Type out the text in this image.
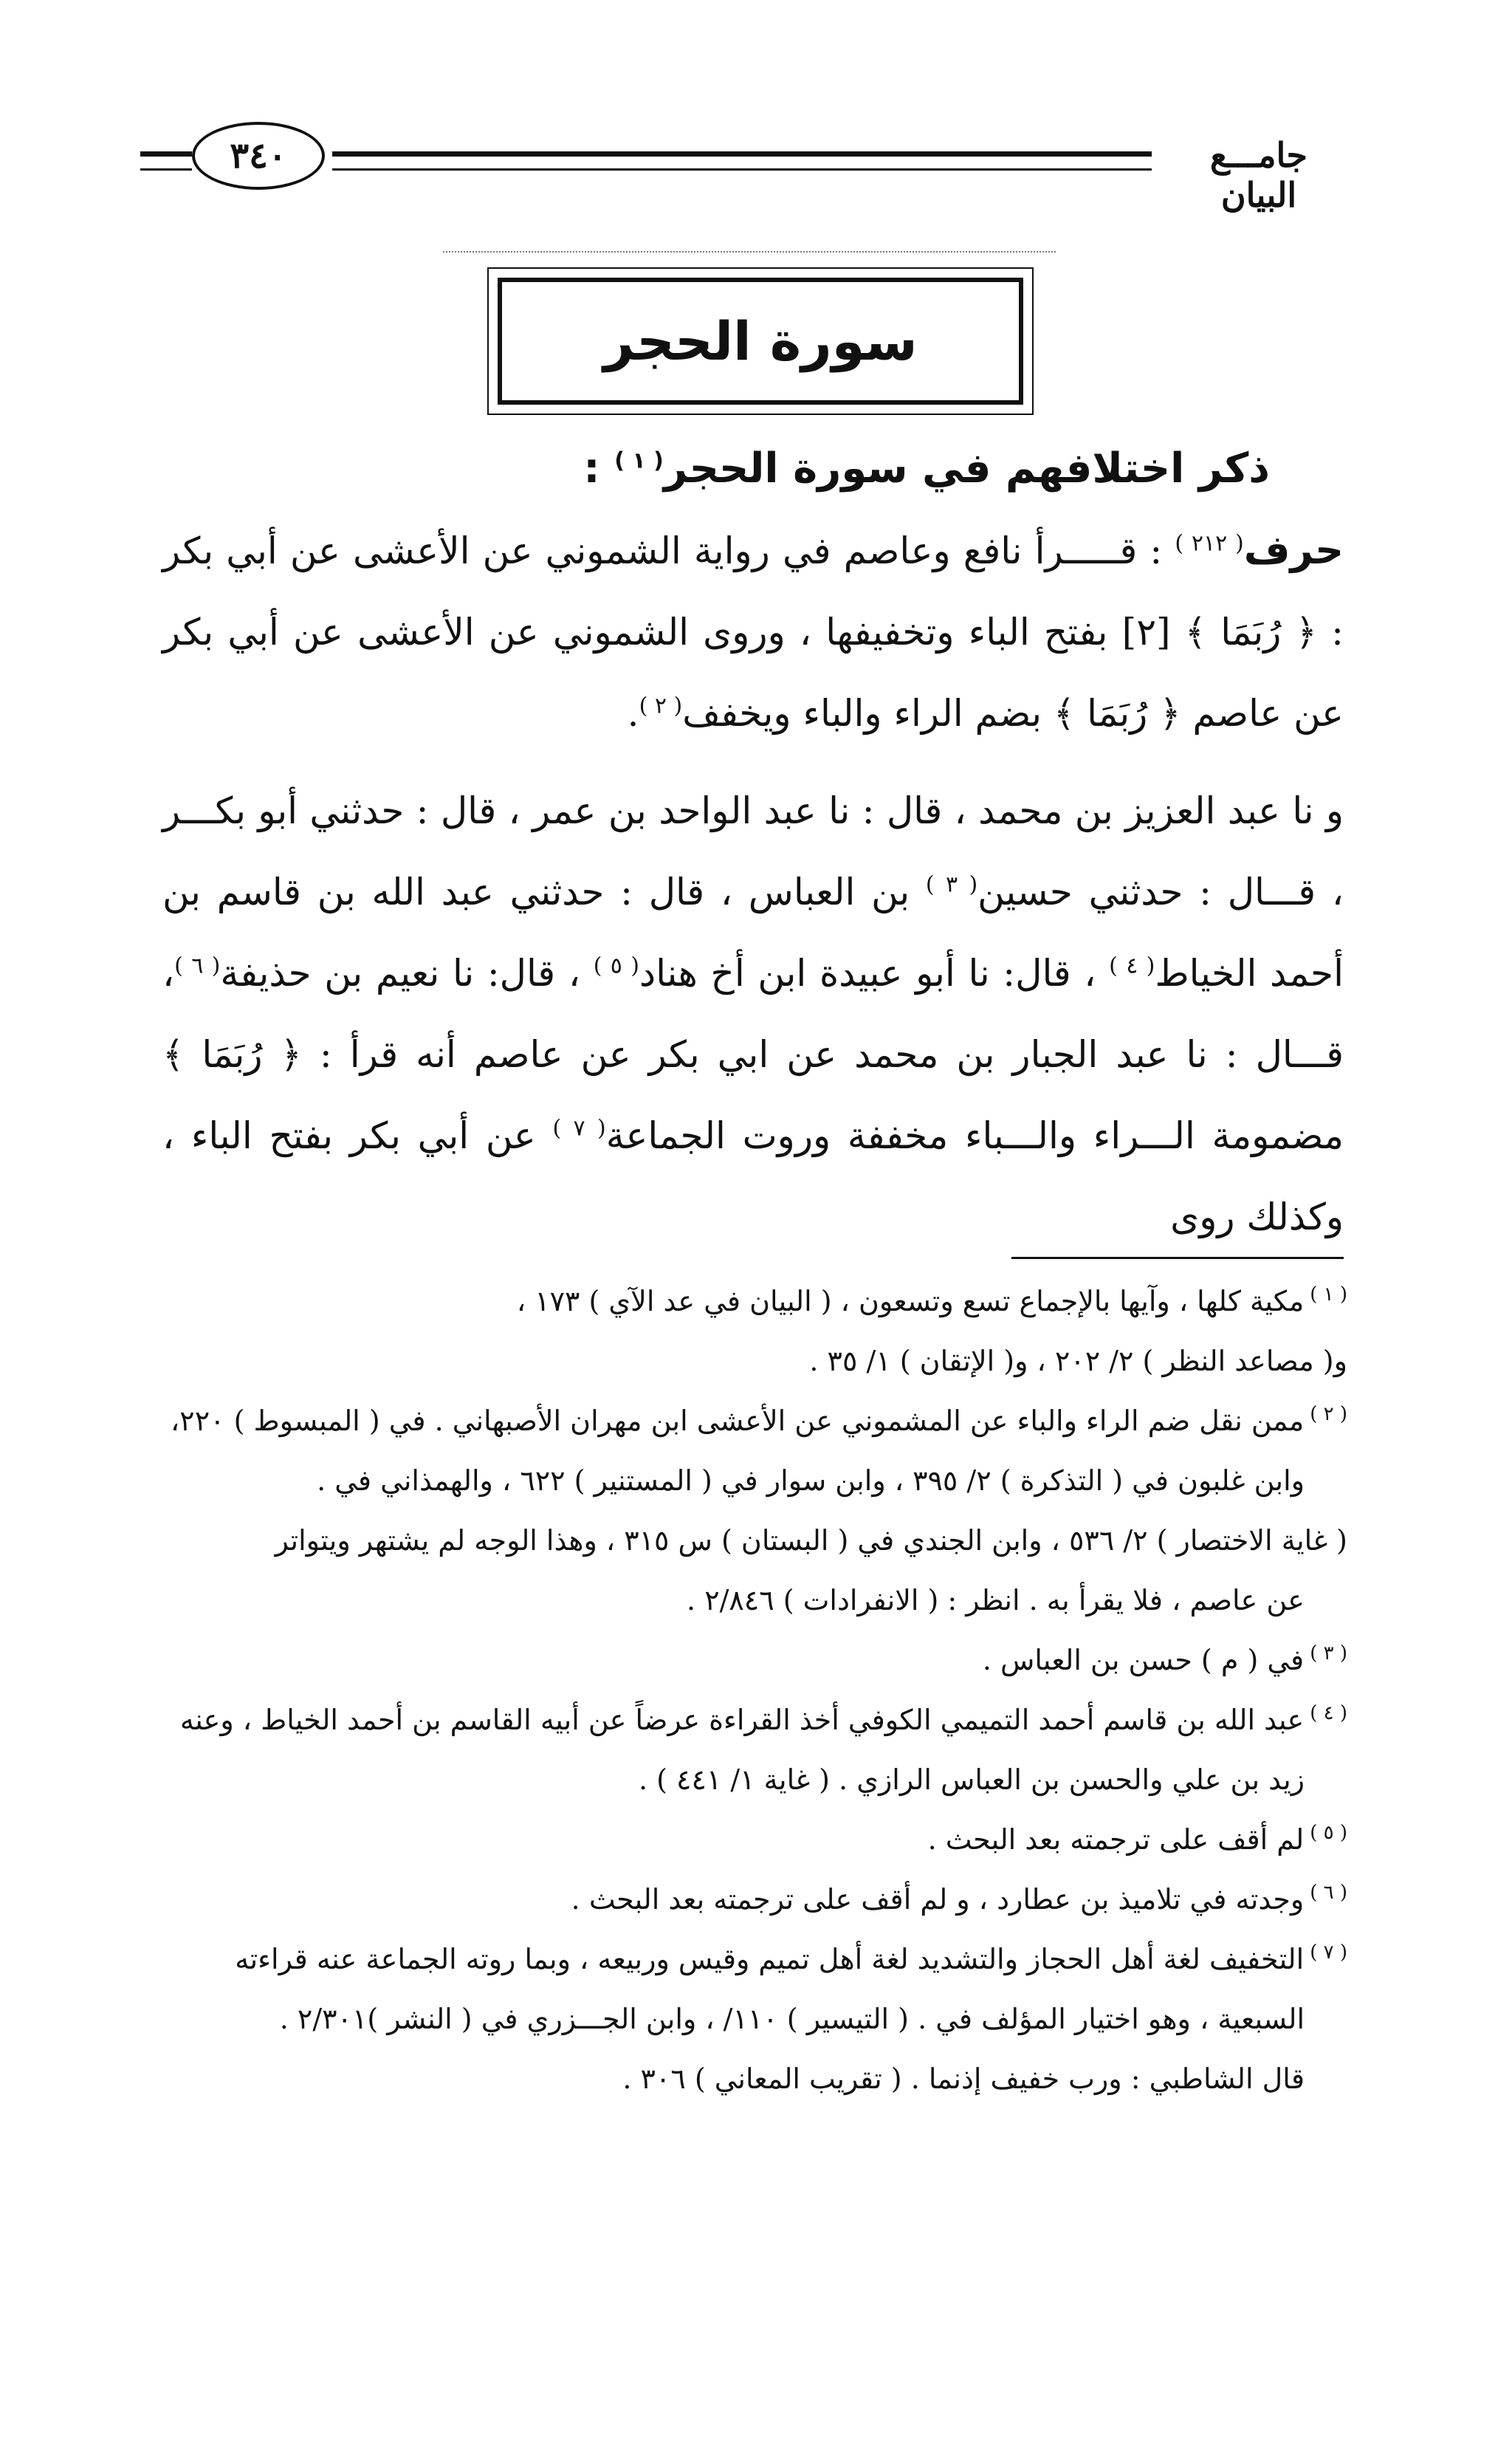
٣٤٠	جامـــع البيان
سورة الحجر

ذكر اختلافهم في سورة الحجر$^{( ١ )}$ :

حرف$^{( ٢١٢ )}$ : قـــــرأ نافع وعاصم في رواية الشموني عن الأعشى عن أبي بكر : ﴿ رُبَمَا ﴾ [٢] بفتح الباء وتخفيفها ، وروى الشموني عن الأعشى عن أبي بكر عن عاصم ﴿ رُبَمَا ﴾ بضم الراء والباء ويخفف$^{( ٢ )}$.

و نا عبد العزيز بن محمد ، قال : نا عبد الواحد بن عمر ، قال : حدثني أبو بكـــر ، قـــال : حدثني حسين$^{( ٣ )}$ بن العباس ، قال : حدثني عبد الله بن قاسم بن أحمد الخياط$^{( ٤ )}$ ، قال: نا أبو عبيدة ابن أخ هناد$^{( ٥ )}$ ، قال: نا نعيم بن حذيفة$^{( ٦ )}$، قـــال : نا عبد الجبار بن محمد عن ابي بكر عن عاصم أنه قرأ : ﴿ رُبَمَا ﴾ مضمومة الـــراء والـــباء مخففة وروت الجماعة$^{( ٧ )}$ عن أبي بكر بفتح الباء ، وكذلك روى

$^{( ١ )}$مكية كلها ، وآيها بالإجماع تسع وتسعون ، ( البيان في عد الآي ) ١٧٣ ،

و( مصاعد النظر ) ٢/ ٢٠٢ ، و( الإتقان ) ١/ ٣٥ .

$^{( ٢ )}$ممن نقل ضم الراء والباء عن المشموني عن الأعشى ابن مهران الأصبهاني . في ( المبسوط ) ٢٢٠،

وابن غلبون في ( التذكرة ) ٢/ ٣٩٥ ، وابن سوار في ( المستنير ) ٦٢٢ ، والهمذاني في .

( غاية الاختصار ) ٢/ ٥٣٦ ، وابن الجندي في ( البستان ) س ٣١٥ ، وهذا الوجه لم يشتهر ويتواتر

عن عاصم ، فلا يقرأ به . انظر : ( الانفرادات ) ٢/٨٤٦ .

$^{( ٣ )}$في ( م ) حسن بن العباس .

$^{( ٤ )}$عبد الله بن قاسم أحمد التميمي الكوفي أخذ القراءة عرضاً عن أبيه القاسم بن أحمد الخياط ، وعنه

زيد بن علي والحسن بن العباس الرازي . ( غاية ١/ ٤٤١ ) .

$^{( ٥ )}$لم أقف على ترجمته بعد البحث .

$^{( ٦ )}$وجدته في تلاميذ بن عطارد ، و لم أقف على ترجمته بعد البحث .

$^{( ٧ )}$التخفيف لغة أهل الحجاز والتشديد لغة أهل تميم وقيس وربيعه ، وبما روته الجماعة عنه قراءته

السبعية ، وهو اختيار المؤلف في . ( التيسير ) ١١٠/ ، وابن الجـــزري في ( النشر )٢/٣٠١ .

قال الشاطبي : ورب خفيف إذنما . ( تقريب المعاني ) ٣٠٦ .
